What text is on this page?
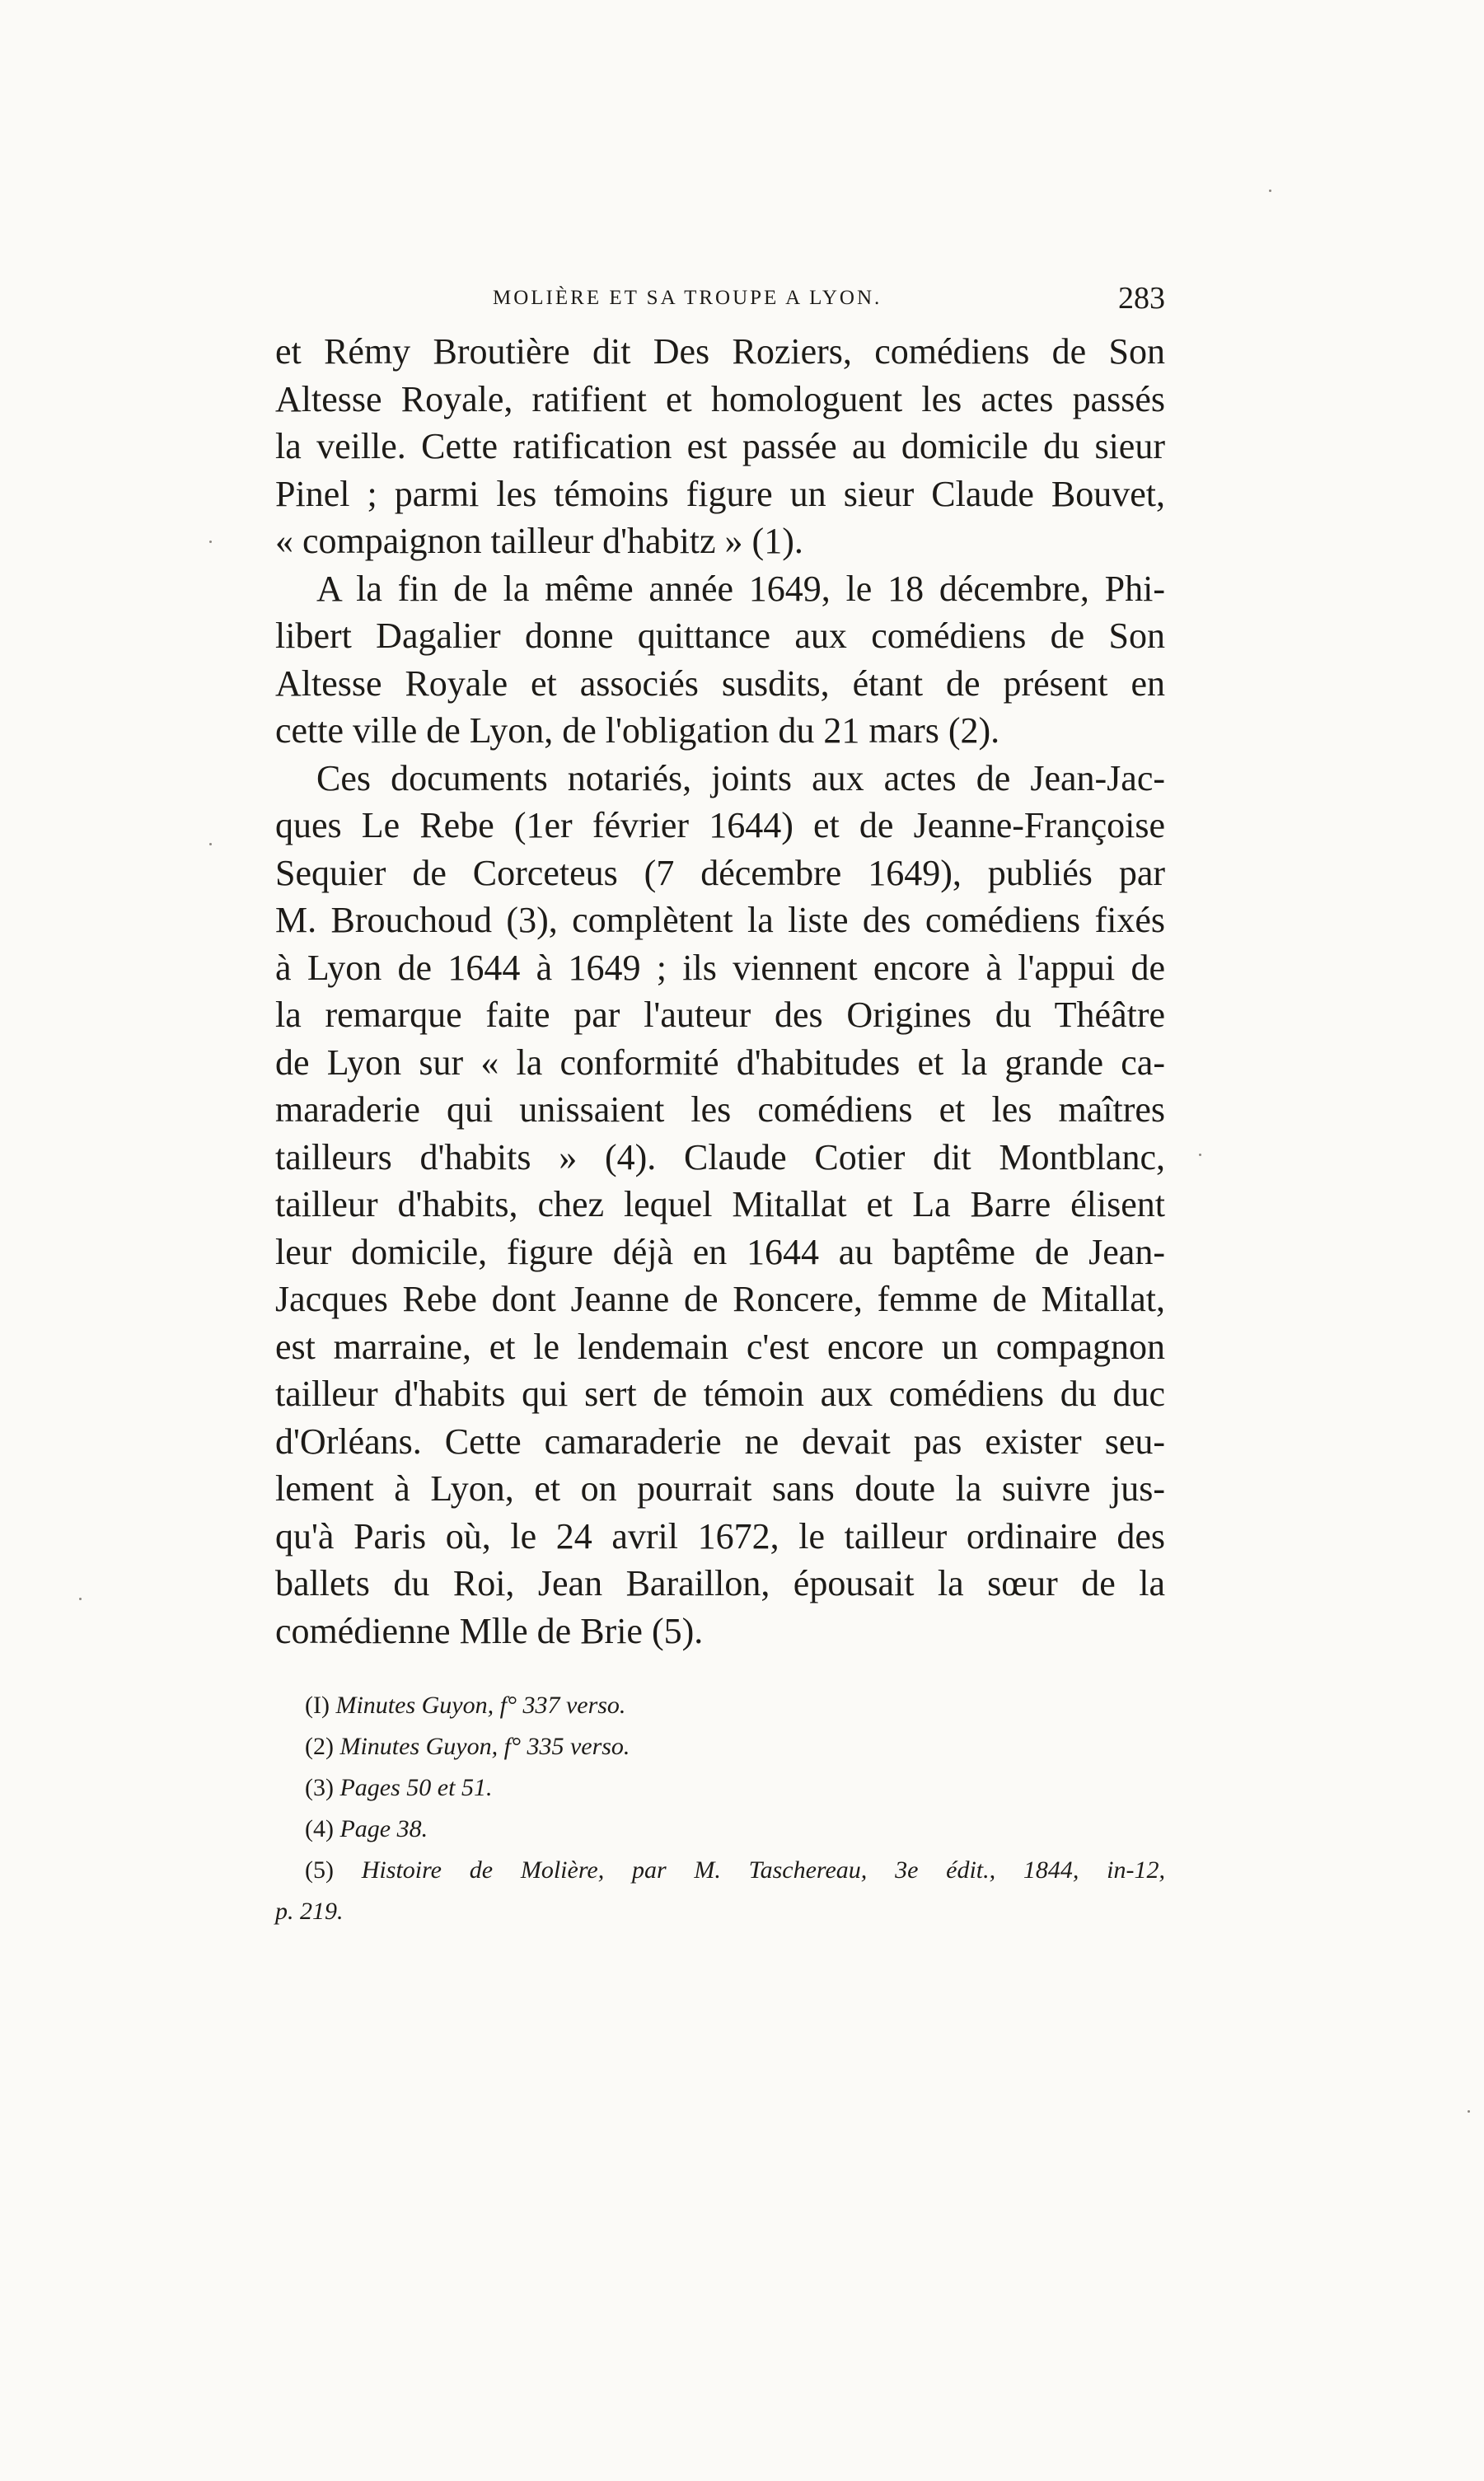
MOLIÈRE ET SA TROUPE A LYON.	283
et Rémy Broutière dit Des Roziers, comédiens de Son
Altesse Royale, ratifient et homologuent les actes passés
la veille. Cette ratification est passée au domicile du sieur
Pinel ; parmi les témoins figure un sieur Claude Bouvet,
« compaignon tailleur d'habitz » (1).
A la fin de la même année 1649, le 18 décembre, Phi-
libert Dagalier donne quittance aux comédiens de Son
Altesse Royale et associés susdits, étant de présent en
cette ville de Lyon, de l'obligation du 21 mars (2).
Ces documents notariés, joints aux actes de Jean-Jac-
ques Le Rebe (1er février 1644) et de Jeanne-Françoise
Sequier de Corceteus (7 décembre 1649), publiés par
M. Brouchoud (3), complètent la liste des comédiens fixés
à Lyon de 1644 à 1649 ; ils viennent encore à l'appui de
la remarque faite par l'auteur des Origines du Théâtre
de Lyon sur « la conformité d'habitudes et la grande ca-
maraderie qui unissaient les comédiens et les maîtres
tailleurs d'habits » (4). Claude Cotier dit Montblanc,
tailleur d'habits, chez lequel Mitallat et La Barre élisent
leur domicile, figure déjà en 1644 au baptême de Jean-
Jacques Rebe dont Jeanne de Roncere, femme de Mitallat,
est marraine, et le lendemain c'est encore un compagnon
tailleur d'habits qui sert de témoin aux comédiens du duc
d'Orléans. Cette camaraderie ne devait pas exister seu-
lement à Lyon, et on pourrait sans doute la suivre jus-
qu'à Paris où, le 24 avril 1672, le tailleur ordinaire des
ballets du Roi, Jean Baraillon, épousait la sœur de la
comédienne Mlle de Brie (5).
(I) Minutes Guyon, f° 337 verso.
(2) Minutes Guyon, f° 335 verso.
(3) Pages 50 et 51.
(4) Page 38.
(5) Histoire de Molière, par M. Taschereau, 3e édit., 1844, in-12,
p. 219.
